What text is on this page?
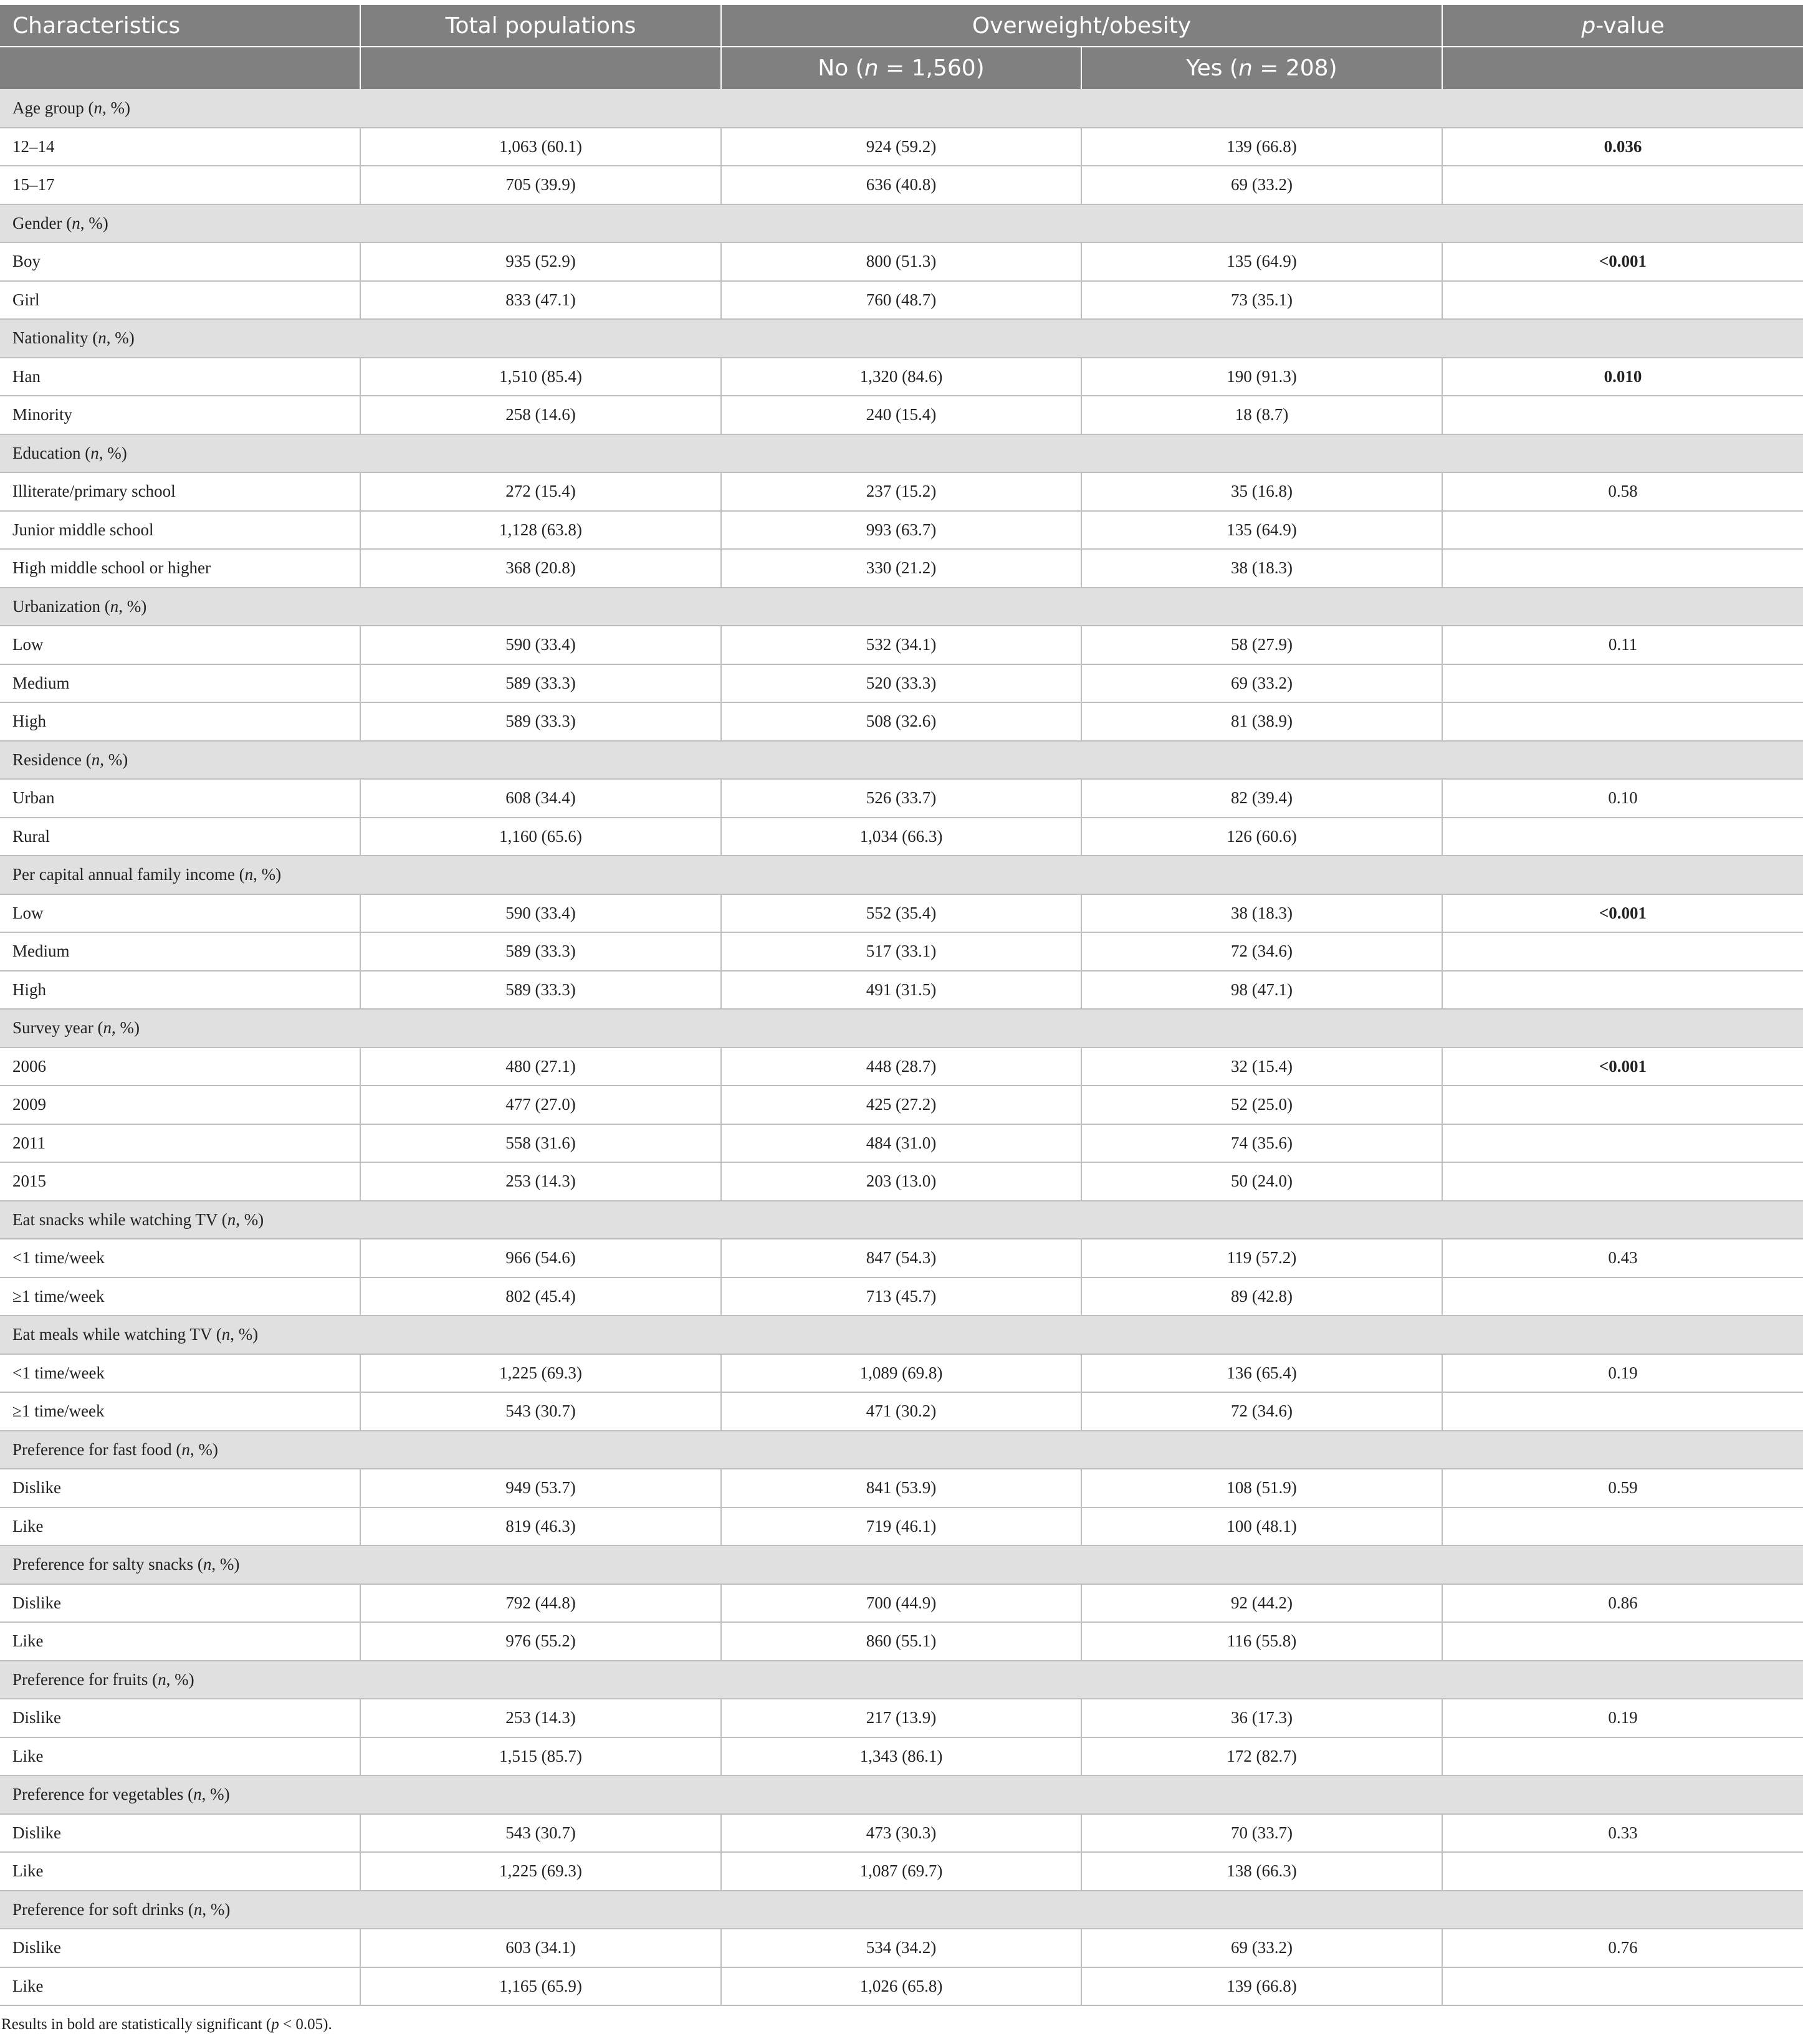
Characteristics	Total populations	Overweight/obesity		p-value
		No (n = 1,560)	Yes (n = 208)	
Age group (n, %)				
12–14	1,063 (60.1)	924 (59.2)	139 (66.8)	0.036
15–17	705 (39.9)	636 (40.8)	69 (33.2)	
Gender (n, %)				
Boy	935 (52.9)	800 (51.3)	135 (64.9)	<0.001
Girl	833 (47.1)	760 (48.7)	73 (35.1)	
Nationality (n, %)				
Han	1,510 (85.4)	1,320 (84.6)	190 (91.3)	0.010
Minority	258 (14.6)	240 (15.4)	18 (8.7)	
Education (n, %)				
Illiterate/primary school	272 (15.4)	237 (15.2)	35 (16.8)	0.58
Junior middle school	1,128 (63.8)	993 (63.7)	135 (64.9)	
High middle school or higher	368 (20.8)	330 (21.2)	38 (18.3)	
Urbanization (n, %)				
Low	590 (33.4)	532 (34.1)	58 (27.9)	0.11
Medium	589 (33.3)	520 (33.3)	69 (33.2)	
High	589 (33.3)	508 (32.6)	81 (38.9)	
Residence (n, %)				
Urban	608 (34.4)	526 (33.7)	82 (39.4)	0.10
Rural	1,160 (65.6)	1,034 (66.3)	126 (60.6)	
Per capital annual family income (n, %)				
Low	590 (33.4)	552 (35.4)	38 (18.3)	<0.001
Medium	589 (33.3)	517 (33.1)	72 (34.6)	
High	589 (33.3)	491 (31.5)	98 (47.1)	
Survey year (n, %)				
2006	480 (27.1)	448 (28.7)	32 (15.4)	<0.001
2009	477 (27.0)	425 (27.2)	52 (25.0)	
2011	558 (31.6)	484 (31.0)	74 (35.6)	
2015	253 (14.3)	203 (13.0)	50 (24.0)	
Eat snacks while watching TV (n, %)				
<1 time/week	966 (54.6)	847 (54.3)	119 (57.2)	0.43
≥1 time/week	802 (45.4)	713 (45.7)	89 (42.8)	
Eat meals while watching TV (n, %)				
<1 time/week	1,225 (69.3)	1,089 (69.8)	136 (65.4)	0.19
≥1 time/week	543 (30.7)	471 (30.2)	72 (34.6)	
Preference for fast food (n, %)				
Dislike	949 (53.7)	841 (53.9)	108 (51.9)	0.59
Like	819 (46.3)	719 (46.1)	100 (48.1)	
Preference for salty snacks (n, %)				
Dislike	792 (44.8)	700 (44.9)	92 (44.2)	0.86
Like	976 (55.2)	860 (55.1)	116 (55.8)	
Preference for fruits (n, %)				
Dislike	253 (14.3)	217 (13.9)	36 (17.3)	0.19
Like	1,515 (85.7)	1,343 (86.1)	172 (82.7)	
Preference for vegetables (n, %)				
Dislike	543 (30.7)	473 (30.3)	70 (33.7)	0.33
Like	1,225 (69.3)	1,087 (69.7)	138 (66.3)	
Preference for soft drinks (n, %)				
Dislike	603 (34.1)	534 (34.2)	69 (33.2)	0.76
Like	1,165 (65.9)	1,026 (65.8)	139 (66.8)	
Results in bold are statistically significant (p < 0.05).
